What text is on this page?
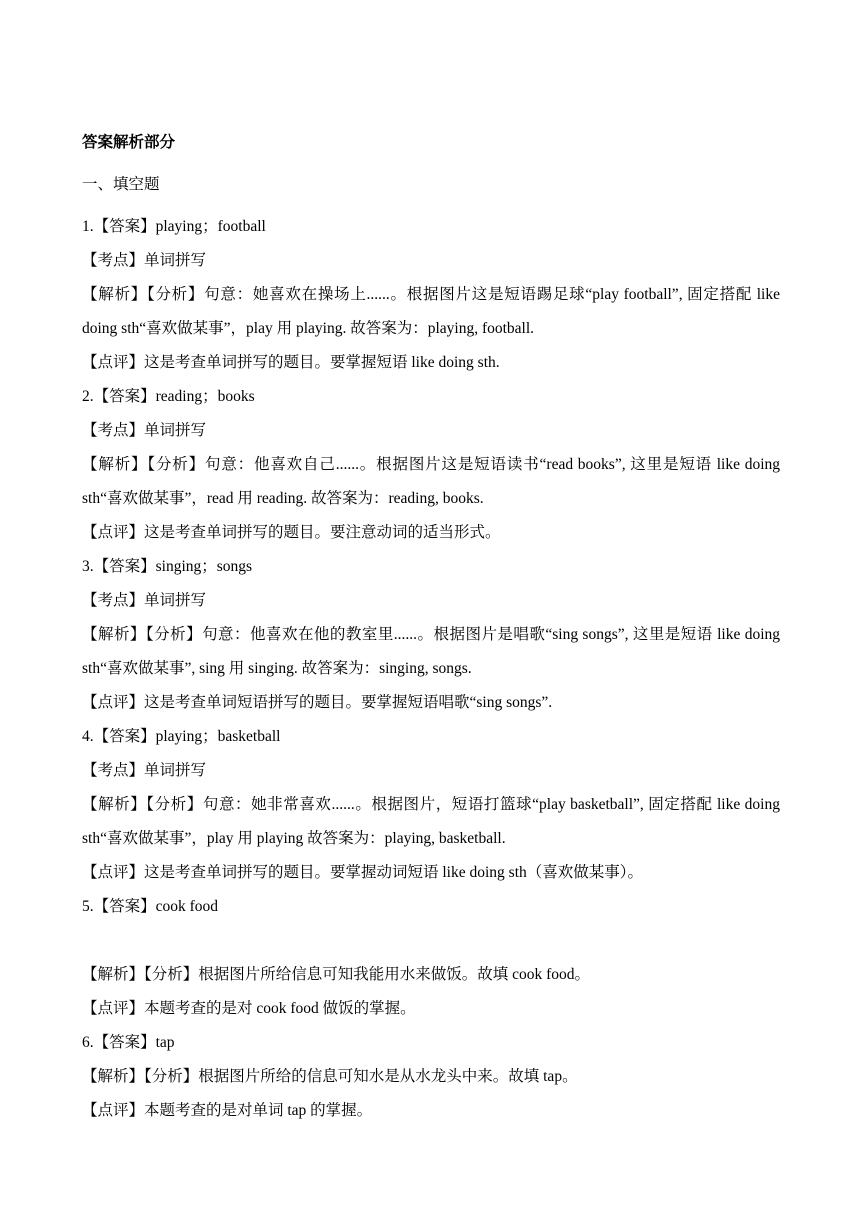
答案解析部分

一、填空题

1.【答案】playing；football

【考点】单词拼写

【解析】【分析】句意：她喜欢在操场上......。根据图片这是短语踢足球“play football”, 固定搭配 like doing sth“喜欢做某事”，play 用 playing. 故答案为：playing, football.

【点评】这是考查单词拼写的题目。要掌握短语 like doing sth.

2.【答案】reading；books

【考点】单词拼写

【解析】【分析】句意：他喜欢自己......。根据图片这是短语读书“read books”, 这里是短语 like doing sth“喜欢做某事”，read 用 reading. 故答案为：reading, books.

【点评】这是考查单词拼写的题目。要注意动词的适当形式。

3.【答案】singing；songs

【考点】单词拼写

【解析】【分析】句意：他喜欢在他的教室里......。根据图片是唱歌“sing songs”, 这里是短语 like doing sth“喜欢做某事”, sing 用 singing. 故答案为：singing, songs.

【点评】这是考查单词短语拼写的题目。要掌握短语唱歌“sing songs”.

4.【答案】playing；basketball

【考点】单词拼写

【解析】【分析】句意：她非常喜欢......。根据图片，短语打篮球“play basketball”, 固定搭配 like doing sth“喜欢做某事”，play 用 playing 故答案为：playing, basketball.

【点评】这是考查单词拼写的题目。要掌握动词短语 like doing sth（喜欢做某事）。

5.【答案】cook food

【解析】【分析】根据图片所给信息可知我能用水来做饭。故填 cook food。

【点评】本题考查的是对 cook food 做饭的掌握。

6.【答案】tap

【解析】【分析】根据图片所给的信息可知水是从水龙头中来。故填 tap。

【点评】本题考查的是对单词 tap 的掌握。
